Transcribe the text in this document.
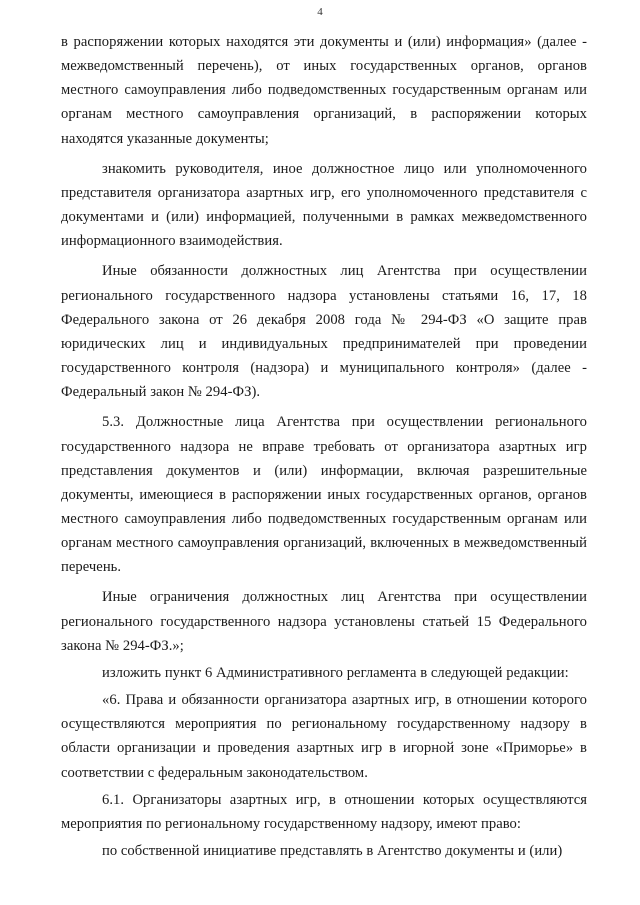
4

в распоряжении которых находятся эти документы и (или) информация» (далее - межведомственный перечень), от иных государственных органов, органов местного самоуправления либо подведомственных государственным органам или органам местного самоуправления организаций, в распоряжении которых находятся указанные документы;

знакомить руководителя, иное должностное лицо или уполномоченного представителя организатора азартных игр, его уполномоченного представителя с документами и (или) информацией, полученными в рамках межведомственного информационного взаимодействия.

Иные обязанности должностных лиц Агентства при осуществлении регионального государственного надзора установлены статьями 16, 17, 18 Федерального закона от 26 декабря 2008 года № 294-ФЗ «О защите прав юридических лиц и индивидуальных предпринимателей при проведении государственного контроля (надзора) и муниципального контроля» (далее - Федеральный закон № 294-ФЗ).

5.3. Должностные лица Агентства при осуществлении регионального государственного надзора не вправе требовать от организатора азартных игр представления документов и (или) информации, включая разрешительные документы, имеющиеся в распоряжении иных государственных органов, органов местного самоуправления либо подведомственных государственным органам или органам местного самоуправления организаций, включенных в межведомственный перечень.

Иные ограничения должностных лиц Агентства при осуществлении регионального государственного надзора установлены статьей 15 Федерального закона № 294-ФЗ.»;

изложить пункт 6 Административного регламента в следующей редакции:

«6. Права и обязанности организатора азартных игр, в отношении которого осуществляются мероприятия по региональному государственному надзору в области организации и проведения азартных игр в игорной зоне «Приморье» в соответствии с федеральным законодательством.

6.1. Организаторы азартных игр, в отношении которых осуществляются мероприятия по региональному государственному надзору, имеют право:

по собственной инициативе представлять в Агентство документы и (или)
